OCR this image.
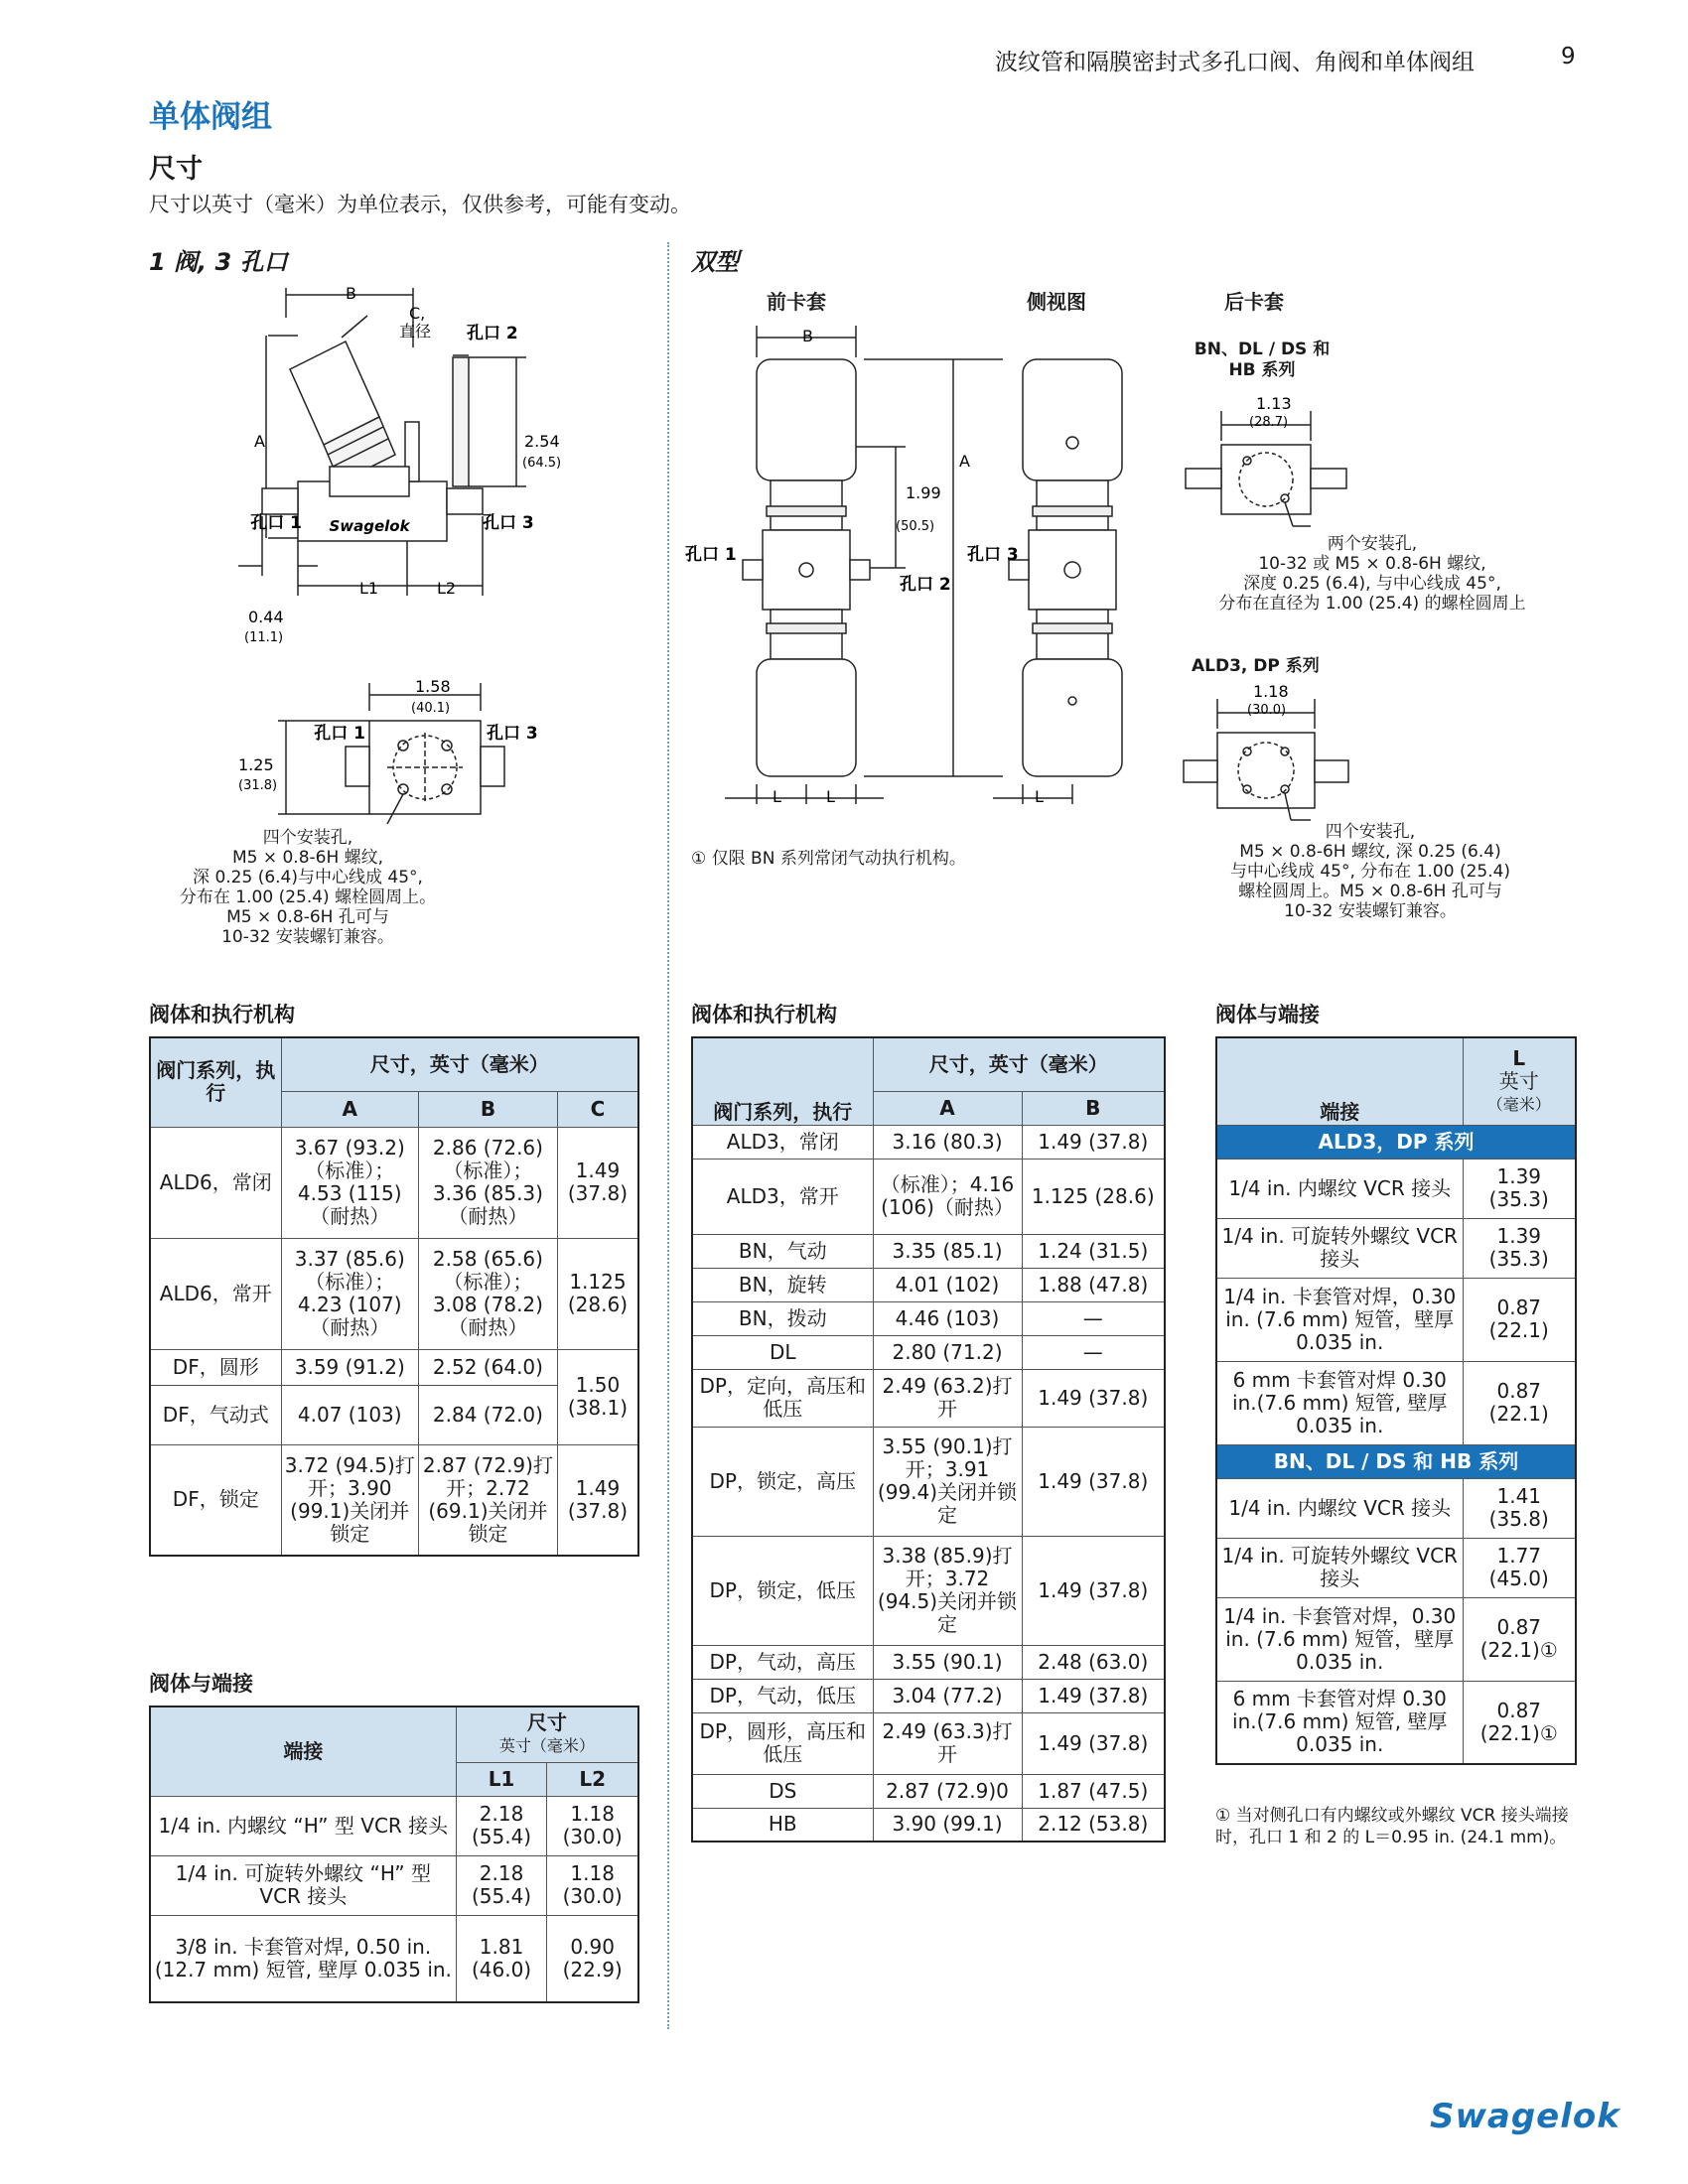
波纹管和隔膜密封式多孔口阀、角阀和单体阀组	9
单体阀组
尺寸
尺寸以英寸（毫米）为单位表示，仅供参考，可能有变动。
1 阀, 3 孔口	双型
B
C,
直径
A
孔口 2
2.54
(64.5)
孔口 1	孔口 3
Swagelok
0.44
(11.1)
L1	L2
1.58
(40.1)
1.25
(31.8)
孔口 1	孔口 3
四个安装孔,
M5 × 0.8-6H 螺纹,
深 0.25 (6.4)与中心线成 45°,
分布在 1.00 (25.4) 螺栓圆周上。
M5 × 0.8-6H 孔可与
10-32 安装螺钉兼容。
前卡套	侧视图	后卡套
B
A
1.99
(50.5)
孔口 1
孔口 2
孔口 3
L	L	L
① 仅限 BN 系列常闭气动执行机构。
BN、DL / DS 和
HB 系列
1.13
(28.7)
两个安装孔,
10-32 或 M5 × 0.8-6H 螺纹,
深度 0.25 (6.4), 与中心线成 45°,
分布在直径为 1.00 (25.4) 的螺栓圆周上
ALD3, DP 系列
1.18
(30.0)
四个安装孔,
M5 × 0.8-6H 螺纹, 深 0.25 (6.4)
与中心线成 45°, 分布在 1.00 (25.4)
螺栓圆周上。M5 × 0.8-6H 孔可与
10-32 安装螺钉兼容。
阀体和执行机构
阀门系列，执行	尺寸，英寸（毫米）		
	A	B	C
ALD6，常闭	3.67 (93.2)（标准）；4.53 (115)（耐热）	2.86 (72.6)（标准）；3.36 (85.3)（耐热）	1.49 (37.8)
ALD6，常开	3.37 (85.6)（标准）；4.23 (107)（耐热）	2.58 (65.6)（标准）；3.08 (78.2)（耐热）	1.125 (28.6)
DF，圆形	3.59 (91.2)	2.52 (64.0)	1.50 (38.1)
DF，气动式	4.07 (103)	2.84 (72.0)	
DF，锁定	3.72 (94.5)打开；3.90 (99.1)关闭并锁定	2.87 (72.9)打开；2.72 (69.1)关闭并锁定	1.49 (37.8)
阀体与端接
端接	尺寸
英寸（毫米）	

	L1	L2
1/4 in. 内螺纹 “H” 型 VCR 接头	2.18 (55.4)	1.18 (30.0)
1/4 in. 可旋转外螺纹 “H” 型 VCR 接头	2.18 (55.4)	1.18 (30.0)
3/8 in. 卡套管对焊, 0.50 in. (12.7 mm) 短管, 壁厚 0.035 in.	1.81 (46.0)	0.90 (22.9)
阀体和执行机构
阀门系列，执行	尺寸，英寸（毫米）	
	A	B
ALD3，常闭	3.16 (80.3)	1.49 (37.8)
ALD3，常开	（标准）；4.16 (106)（耐热）	1.125 (28.6)
BN，气动	3.35 (85.1)	1.24 (31.5)
BN，旋转	4.01 (102)	1.88 (47.8)
BN，拨动	4.46 (103)	—
DL	2.80 (71.2)	—
DP，定向，高压和低压	2.49 (63.2)打开	1.49 (37.8)
DP，锁定，高压	3.55 (90.1)打开；3.91 (99.4)关闭并锁定	1.49 (37.8)
DP，锁定，低压	3.38 (85.9)打开；3.72 (94.5)关闭并锁定	1.49 (37.8)
DP，气动，高压	3.55 (90.1)	2.48 (63.0)
DP，气动，低压	3.04 (77.2)	1.49 (37.8)
DP，圆形，高压和低压	2.49 (63.3)打开	1.49 (37.8)
DS	2.87 (72.9)0	1.87 (47.5)
HB	3.90 (99.1)	2.12 (53.8)
阀体与端接
端接	L
英寸
（毫米）

ALD3，DP 系列	
1/4 in. 内螺纹 VCR 接头	1.39 (35.3)
1/4 in. 可旋转外螺纹 VCR 接头	1.39 (35.3)
1/4 in. 卡套管对焊，0.30 in. (7.6 mm) 短管，壁厚 0.035 in.	0.87 (22.1)
6 mm 卡套管对焊 0.30 in.(7.6 mm) 短管, 壁厚 0.035 in.	0.87 (22.1)
BN、DL / DS 和 HB 系列	
1/4 in. 内螺纹 VCR 接头	1.41 (35.8)
1/4 in. 可旋转外螺纹 VCR 接头	1.77 (45.0)
1/4 in. 卡套管对焊，0.30 in. (7.6 mm) 短管，壁厚 0.035 in.	0.87 (22.1)①
6 mm 卡套管对焊 0.30 in.(7.6 mm) 短管, 壁厚 0.035 in.	0.87 (22.1)①
① 当对侧孔口有内螺纹或外螺纹 VCR 接头端接时，孔口 1 和 2 的 L＝0.95 in. (24.1 mm)。
Swagelok
